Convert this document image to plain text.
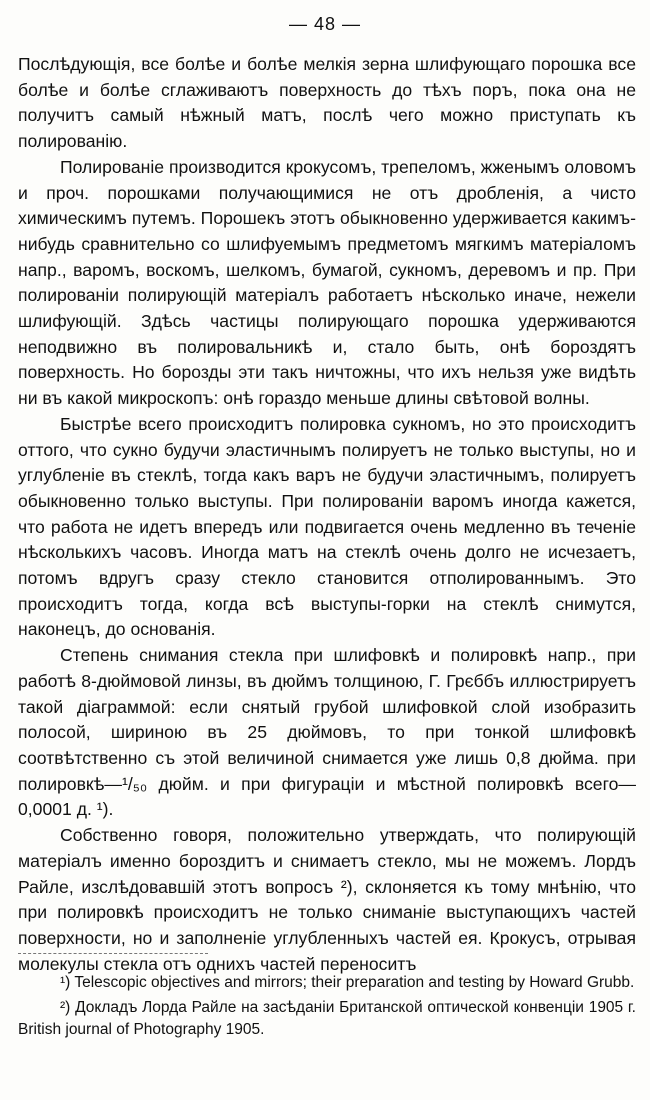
— 48 —

Послѣдующія, все болѣе и болѣе мелкія зерна шлифующаго порошка все болѣе и болѣе сглаживаютъ поверхность до тѣхъ поръ, пока она не получитъ самый нѣжный матъ, послѣ чего можно приступать къ полированію.

Полированіе производится крокусомъ, трепеломъ, жженымъ оловомъ и проч. порошками получающимися не отъ дробленія, а чисто химическимъ путемъ. Порошекъ этотъ обыкновенно удерживается какимъ-нибудь сравнительно со шлифуемымъ предметомъ мягкимъ матеріаломъ напр., варомъ, воскомъ, шелкомъ, бумагой, сукномъ, деревомъ и пр. При полированіи полирующій матеріалъ работаетъ нѣсколько иначе, нежели шлифующій. Здѣсь частицы полирующаго порошка удерживаются неподвижно въ полировальникѣ и, стало быть, онѣ бороздятъ поверхность. Но борозды эти такъ ничтожны, что ихъ нельзя уже видѣть ни въ какой микроскопъ: онѣ гораздо меньше длины свѣтовой волны.

Быстрѣе всего происходитъ полировка сукномъ, но это происходитъ оттого, что сукно будучи эластичнымъ полируетъ не только выступы, но и углубленіе въ стеклѣ, тогда какъ варъ не будучи эластичнымъ, полируетъ обыкновенно только выступы. При полированіи варомъ иногда кажется, что работа не идетъ впередъ или подвигается очень медленно въ теченіе нѣсколькихъ часовъ. Иногда матъ на стеклѣ очень долго не исчезаетъ, потомъ вдругъ сразу стекло становится отполированнымъ. Это происходитъ тогда, когда всѣ выступы-горки на стеклѣ снимутся, наконецъ, до основанія.

Степень снимания стекла при шлифовкѣ и полировкѣ напр., при работѣ 8-дюймовой линзы, въ дюймъ толщиною, Г. Грєббъ иллюстрируетъ такой діаграммой: если снятый грубой шлифовкой слой изобразить полосой, шириною въ 25 дюймовъ, то при тонкой шлифовкѣ соотвѣтственно съ этой величиной снимается уже лишь 0,8 дюйма. при полировкѣ—¹/₅₀ дюйм. и при фигураціи и мѣстной полировкѣ всего—0,0001 д. ¹).

Собственно говоря, положительно утверждать, что полирующій матеріалъ именно бороздитъ и снимаетъ стекло, мы не можемъ. Лордъ Райле, изслѣдовавшій этотъ вопросъ ²), склоняется къ тому мнѣнію, что при полировкѣ происходитъ не только сниманіе выступающихъ частей поверхности, но и заполненіе углубленныхъ частей ея. Крокусъ, отрывая молекулы стекла отъ однихъ частей переноситъ

¹) Telescopic objectives and mirrors; their preparation and testing by Howard Grubb.

²) Докладъ Лорда Райле на засѣданіи Британской оптической конвенціи 1905 г. British journal of Photography 1905.
